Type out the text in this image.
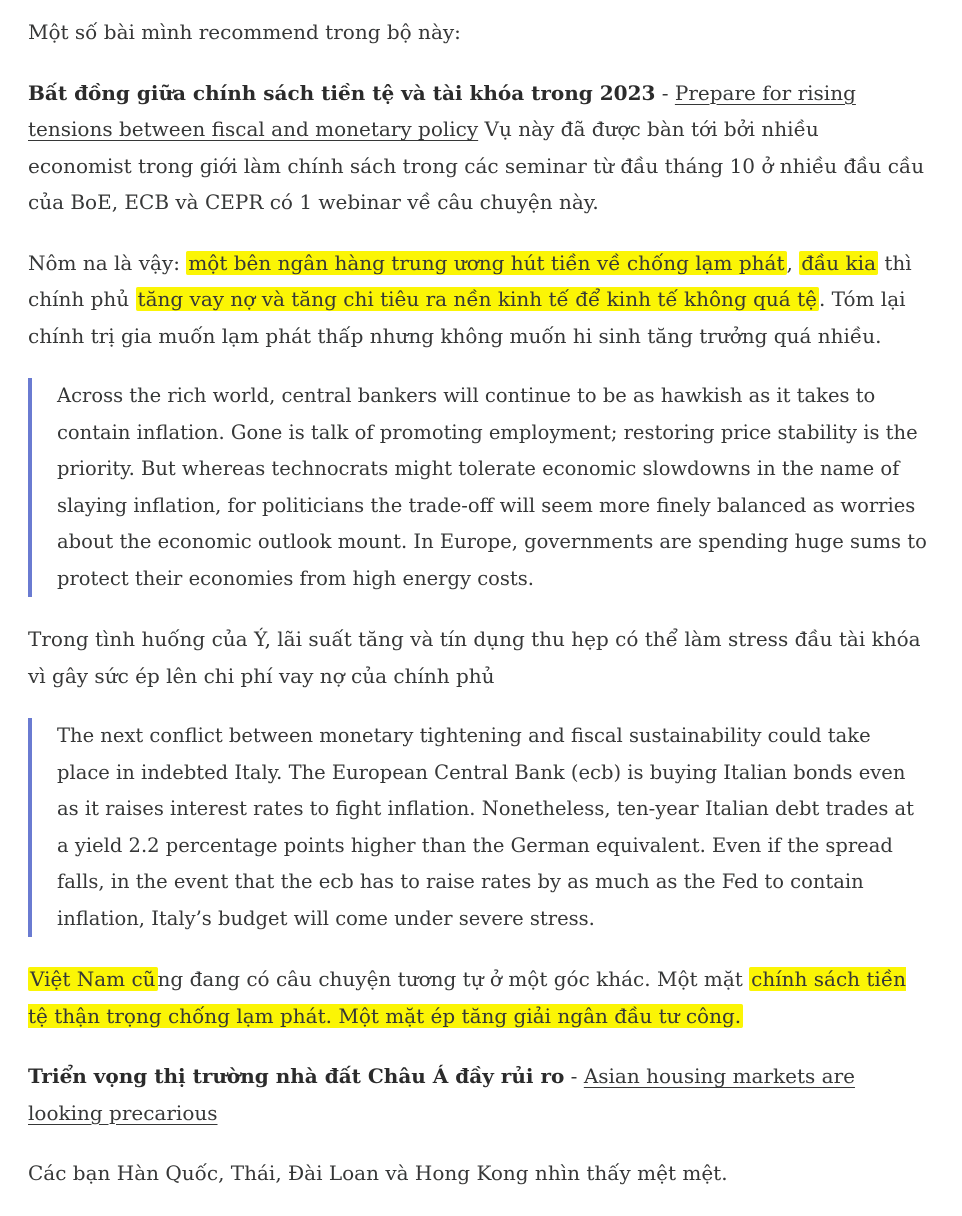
Một số bài mình recommend trong bộ này:

Bất đồng giữa chính sách tiền tệ và tài khóa trong 2023 - Prepare for rising tensions between fiscal and monetary policy Vụ này đã được bàn tới bởi nhiều economist trong giới làm chính sách trong các seminar từ đầu tháng 10 ở nhiều đầu cầu của BoE, ECB và CEPR có 1 webinar về câu chuyện này.

Nôm na là vậy: một bên ngân hàng trung ương hút tiền về chống lạm phát , đầu kia thì chính phủ tăng vay nợ và tăng chi tiêu ra nền kinh tế để kinh tế không quá tệ . Tóm lại chính trị gia muốn lạm phát thấp nhưng không muốn hi sinh tăng trưởng quá nhiều.

Across the rich world, central bankers will continue to be as hawkish as it takes to contain inflation. Gone is talk of promoting employment; restoring price stability is the priority. But whereas technocrats might tolerate economic slowdowns in the name of slaying inflation, for politicians the trade-off will seem more finely balanced as worries about the economic outlook mount. In Europe, governments are spending huge sums to protect their economies from high energy costs.

Trong tình huống của Ý, lãi suất tăng và tín dụng thu hẹp có thể làm stress đầu tài khóa vì gây sức ép lên chi phí vay nợ của chính phủ

The next conflict between monetary tightening and fiscal sustainability could take place in indebted Italy. The European Central Bank (ecb) is buying Italian bonds even as it raises interest rates to fight inflation. Nonetheless, ten-year Italian debt trades at a yield 2.2 percentage points higher than the German equivalent. Even if the spread falls, in the event that the ecb has to raise rates by as much as the Fed to contain inflation, Italy’s budget will come under severe stress.

Việt Nam cũ ng đang có câu chuyện tương tự ở một góc khác. Một mặt chính sách tiền tệ thận trọng chống lạm phát. Một mặt ép tăng giải ngân đầu tư công.

Triển vọng thị trường nhà đất Châu Á đầy rủi ro - Asian housing markets are looking precarious

Các bạn Hàn Quốc, Thái, Đài Loan và Hong Kong nhìn thấy mệt mệt.
